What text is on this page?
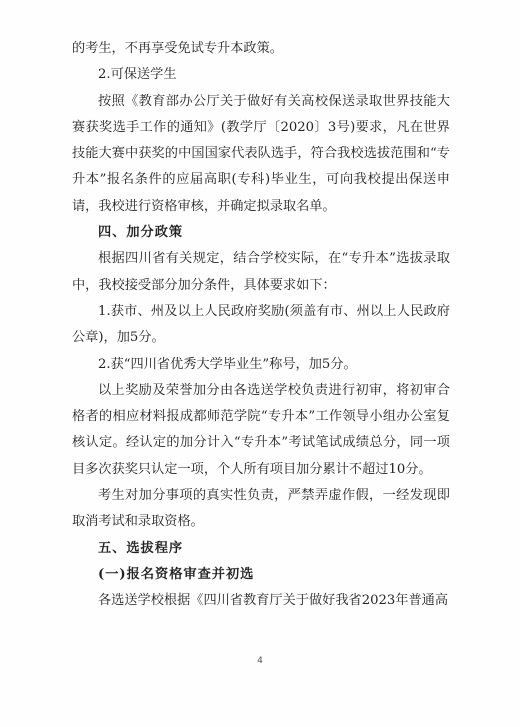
的考生，不再享受免试专升本政策。

2.可保送学生

按照《教育部办公厅关于做好有关高校保送录取世界技能大赛获奖选手工作的通知》(教学厅〔2020〕3号)要求，凡在世界技能大赛中获奖的中国国家代表队选手，符合我校选拔范围和“专升本”报名条件的应届高职(专科)毕业生，可向我校提出保送申请，我校进行资格审核，并确定拟录取名单。

四、加分政策

根据四川省有关规定，结合学校实际，在“专升本”选拔录取中，我校接受部分加分条件，具体要求如下：

1.获市、州及以上人民政府奖励(须盖有市、州以上人民政府公章)，加5分。

2.获“四川省优秀大学毕业生”称号，加5分。

以上奖励及荣誉加分由各选送学校负责进行初审，将初审合格者的相应材料报成都师范学院“专升本”工作领导小组办公室复核认定。经认定的加分计入“专升本”考试笔试成绩总分，同一项目多次获奖只认定一项，个人所有项目加分累计不超过10分。

考生对加分事项的真实性负责，严禁弄虚作假，一经发现即取消考试和录取资格。

五、选拔程序

(一)报名资格审查并初选

各选送学校根据《四川省教育厅关于做好我省2023年普通高

4
